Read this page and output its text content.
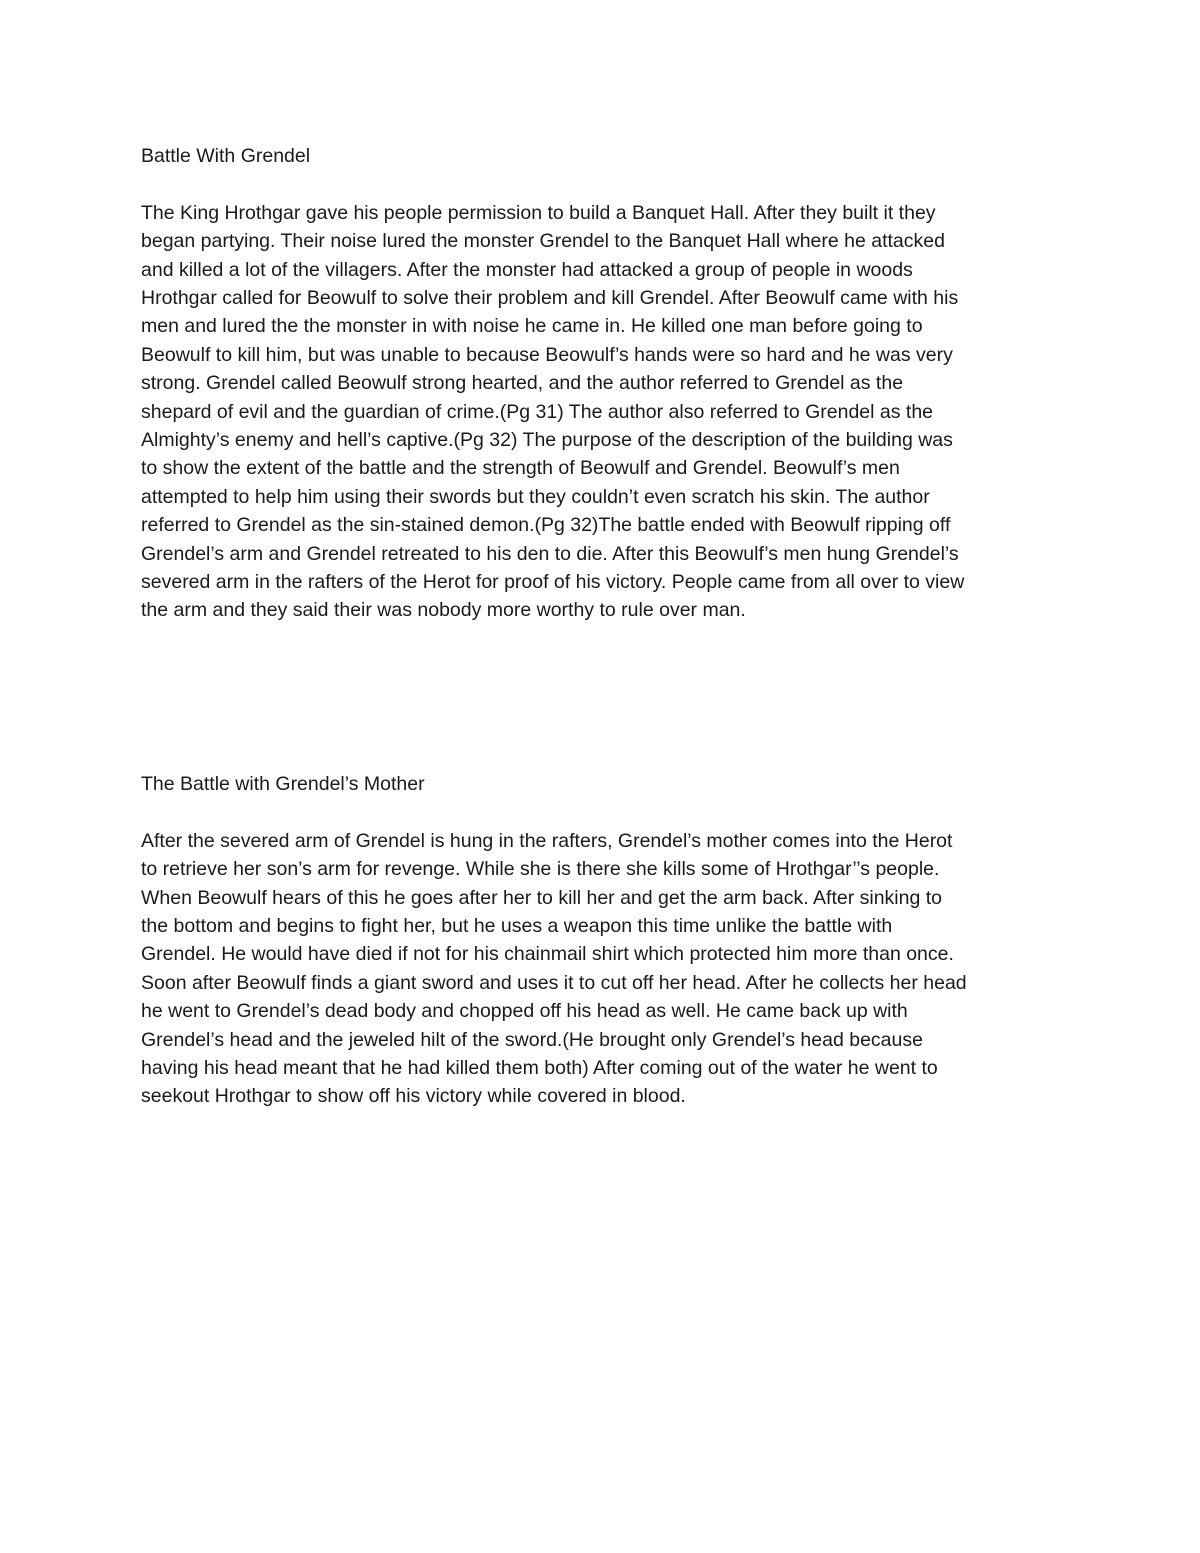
Battle With Grendel

The King Hrothgar gave his people permission to build a Banquet Hall. After they built it they
began partying. Their noise lured the monster Grendel to the Banquet Hall where he attacked
and killed a lot of the villagers. After the monster had attacked a group of people in woods
Hrothgar called for Beowulf to solve their problem and kill Grendel. After Beowulf came with his
men and lured the the monster in with noise he came in. He killed one man before going to
Beowulf to kill him, but was unable to because Beowulf’s hands were so hard and he was very
strong. Grendel called Beowulf strong hearted, and the author referred to Grendel as the
shepard of evil and the guardian of crime.(Pg 31) The author also referred to Grendel as the
Almighty’s enemy and hell’s captive.(Pg 32) The purpose of the description of the building was
to show the extent of the battle and the strength of Beowulf and Grendel. Beowulf’s men
attempted to help him using their swords but they couldn’t even scratch his skin. The author
referred to Grendel as the sin-stained demon.(Pg 32)The battle ended with Beowulf ripping off
Grendel’s arm and Grendel retreated to his den to die. After this Beowulf’s men hung Grendel’s
severed arm in the rafters of the Herot for proof of his victory. People came from all over to view
the arm and they said their was nobody more worthy to rule over man.

The Battle with Grendel’s Mother

After the severed arm of Grendel is hung in the rafters, Grendel’s mother comes into the Herot
to retrieve her son’s arm for revenge. While she is there she kills some of Hrothgar’’s people.
When Beowulf hears of this he goes after her to kill her and get the arm back. After sinking to
the bottom and begins to fight her, but he uses a weapon this time unlike the battle with
Grendel. He would have died if not for his chainmail shirt which protected him more than once.
Soon after Beowulf finds a giant sword and uses it to cut off her head. After he collects her head
he went to Grendel’s dead body and chopped off his head as well. He came back up with
Grendel’s head and the jeweled hilt of the sword.(He brought only Grendel’s head because
having his head meant that he had killed them both) After coming out of the water he went to
seekout Hrothgar to show off his victory while covered in blood.
